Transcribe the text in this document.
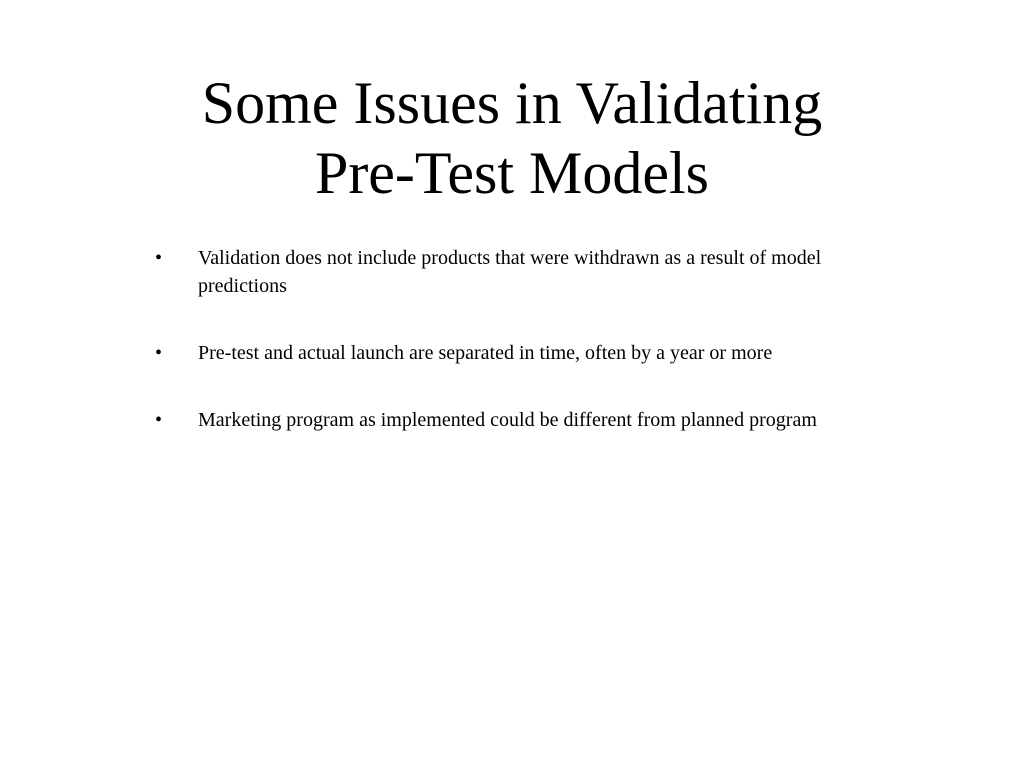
Some Issues in Validating
Pre-Test Models
• Validation does not include products that were withdrawn as a result of model predictions
• Pre-test and actual launch are separated in time, often by a year or more
• Marketing program as implemented could be different from planned program
